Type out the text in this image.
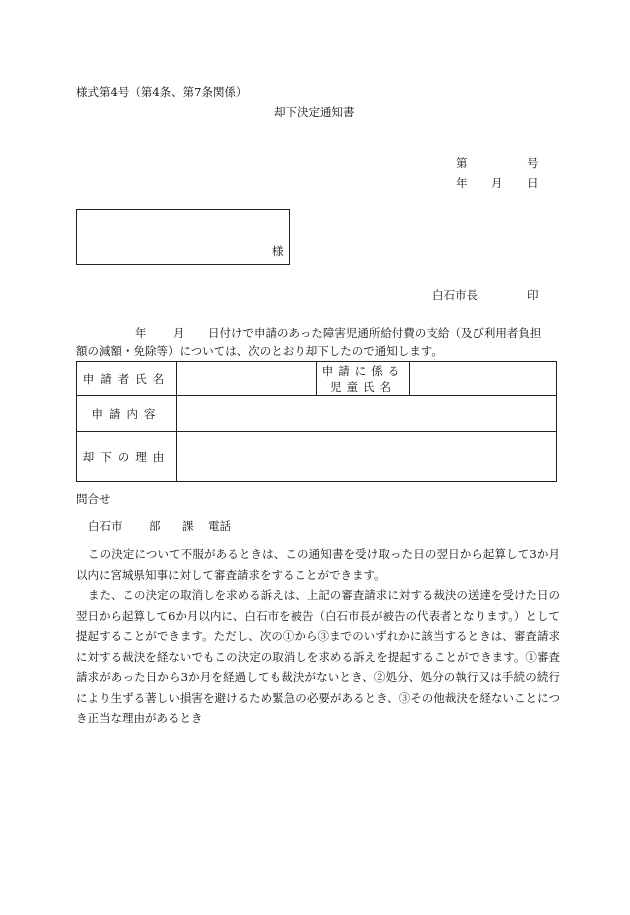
様式第4号（第4条、第7条関係）
却下決定通知書
第	号
年 月 日
様
白石市長	印
年 月 日付けで申請のあった障害児通所給付費の支給（及び利用者負担
額の減額・免除等）については、次のとおり却下したので通知します。
申請者氏名		申請に係る
児童氏名	

申請内容			
却下の理由			
問合せ
白石市 部 課 電話
この決定について不服があるときは、この通知書を受け取った日の翌日から起算して3か月以内に宮城県知事に対して審査請求をすることができます。
また、この決定の取消しを求める訴えは、上記の審査請求に対する裁決の送達を受けた日の翌日から起算して6か月以内に、白石市を被告（白石市長が被告の代表者となります。）として提起することができます。ただし、次の①から③までのいずれかに該当するときは、審査請求に対する裁決を経ないでもこの決定の取消しを求める訴えを提起することができます。①審査請求があった日から3か月を経過しても裁決がないとき、②処分、処分の執行又は手続の続行により生ずる著しい損害を避けるため緊急の必要があるとき、③その他裁決を経ないことにつき正当な理由があるとき
